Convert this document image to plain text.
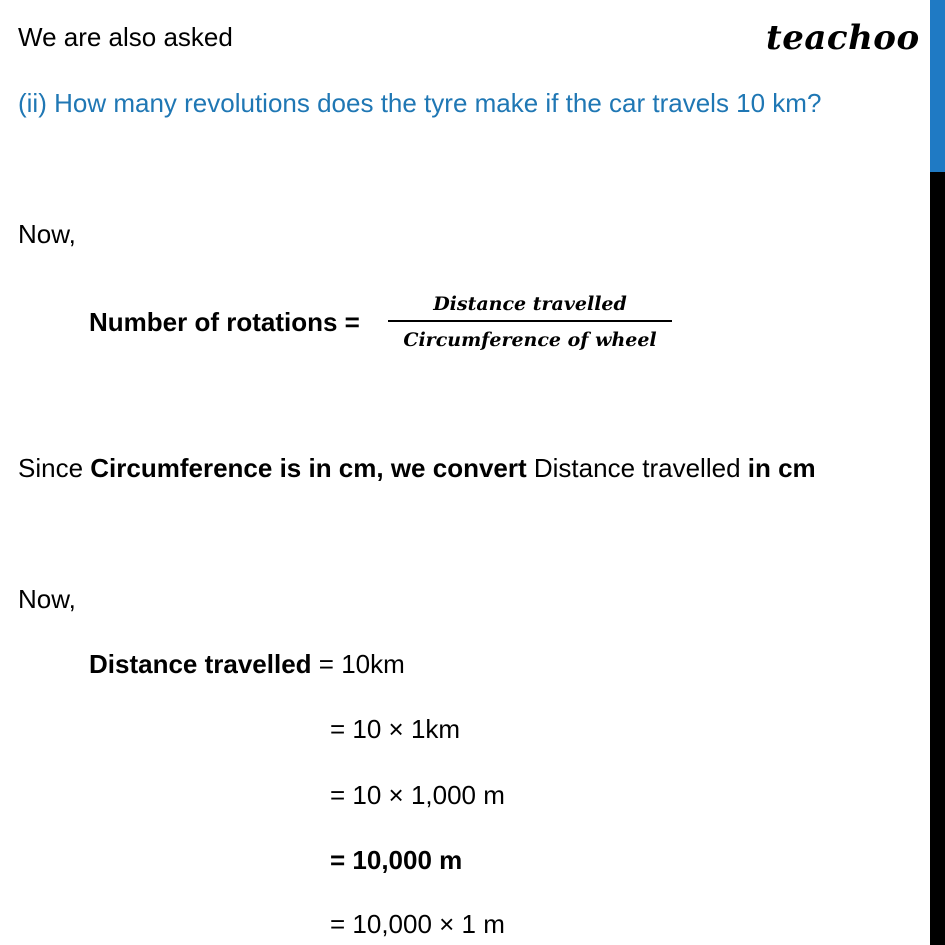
teachoo
We are also asked
(ii) How many revolutions does the tyre make if the car travels 10 km?
Now,
Number of rotations =
Distance travelled
Circumference of wheel
Since Circumference is in cm, we convert Distance travelled in cm
Now,
Distance travelled = 10km
= 10 × 1km
= 10 × 1,000 m
= 10,000 m
= 10,000 × 1 m
